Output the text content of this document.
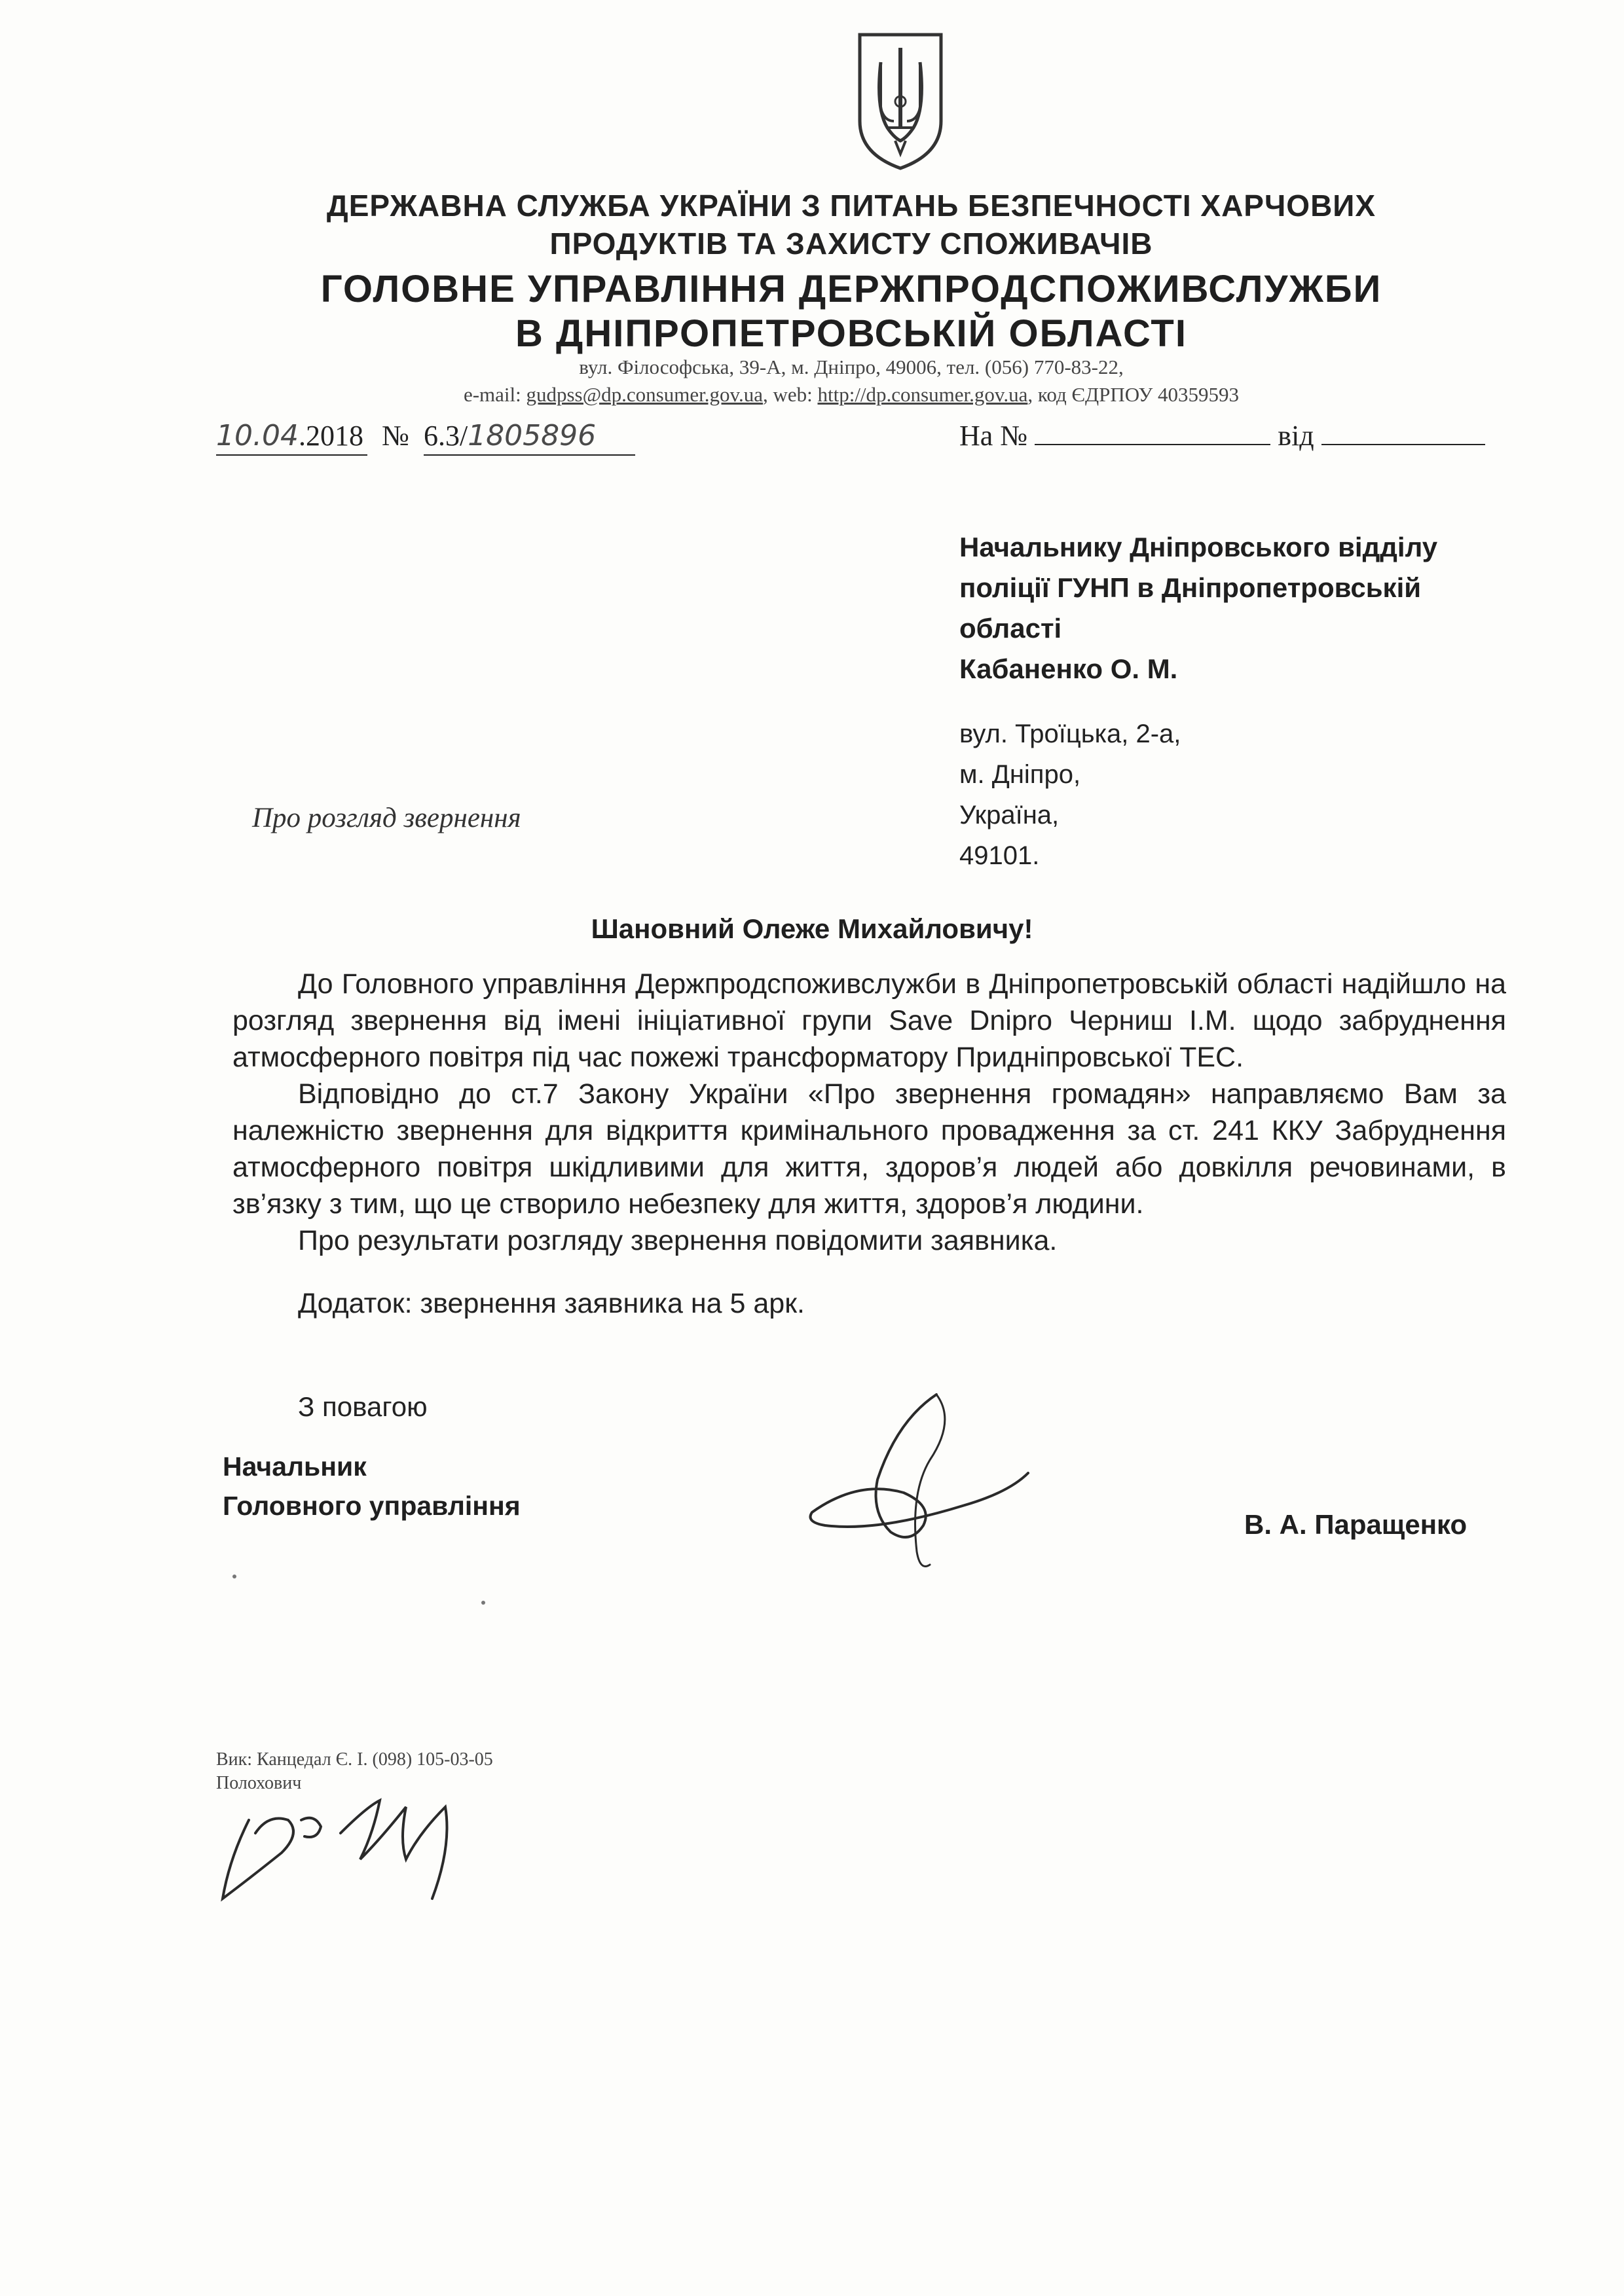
ДЕРЖАВНА СЛУЖБА УКРАЇНИ З ПИТАНЬ БЕЗПЕЧНОСТІ ХАРЧОВИХ
ПРОДУКТІВ ТА ЗАХИСТУ СПОЖИВАЧІВ
ГОЛОВНЕ УПРАВЛІННЯ ДЕРЖПРОДСПОЖИВСЛУЖБИ
В ДНІПРОПЕТРОВСЬКІЙ ОБЛАСТІ
вул. Філософська, 39-А, м. Дніпро, 49006, тел. (056) 770-83-22,
e-mail: gudpss@dp.consumer.gov.ua, web: http://dp.consumer.gov.ua, код ЄДРПОУ 40359593
10.04.2018 № 6.3/1805896	На №	від
Начальнику Дніпровського відділу
поліції ГУНП в Дніпропетровській
області
Кабаненко О. М.
вул. Троїцька, 2-а,
м. Дніпро,
Україна,
49101.
Про розгляд звернення
Шановний Олеже Михайловичу!

До Головного управління Держпродспоживслужби в Дніпропетровській області надійшло на розгляд звернення від імені ініціативної групи Save Dnipro Черниш І.М. щодо забруднення атмосферного повітря під час пожежі трансформатору Придніпровської ТЕС.

Відповідно до ст.7 Закону України «Про звернення громадян» направляємо Вам за належністю звернення для відкриття кримінального провадження за ст. 241 ККУ Забруднення атмосферного повітря шкідливими для життя, здоров’я людей або довкілля речовинами, в зв’язку з тим, що це створило небезпеку для життя, здоров’я людини.

Про результати розгляду звернення повідомити заявника.

Додаток: звернення заявника на 5 арк.

З повагою
Начальник
Головного управління
В. А. Паращенко
Вик: Канцедал Є. І. (098) 105-03-05
Полохович
